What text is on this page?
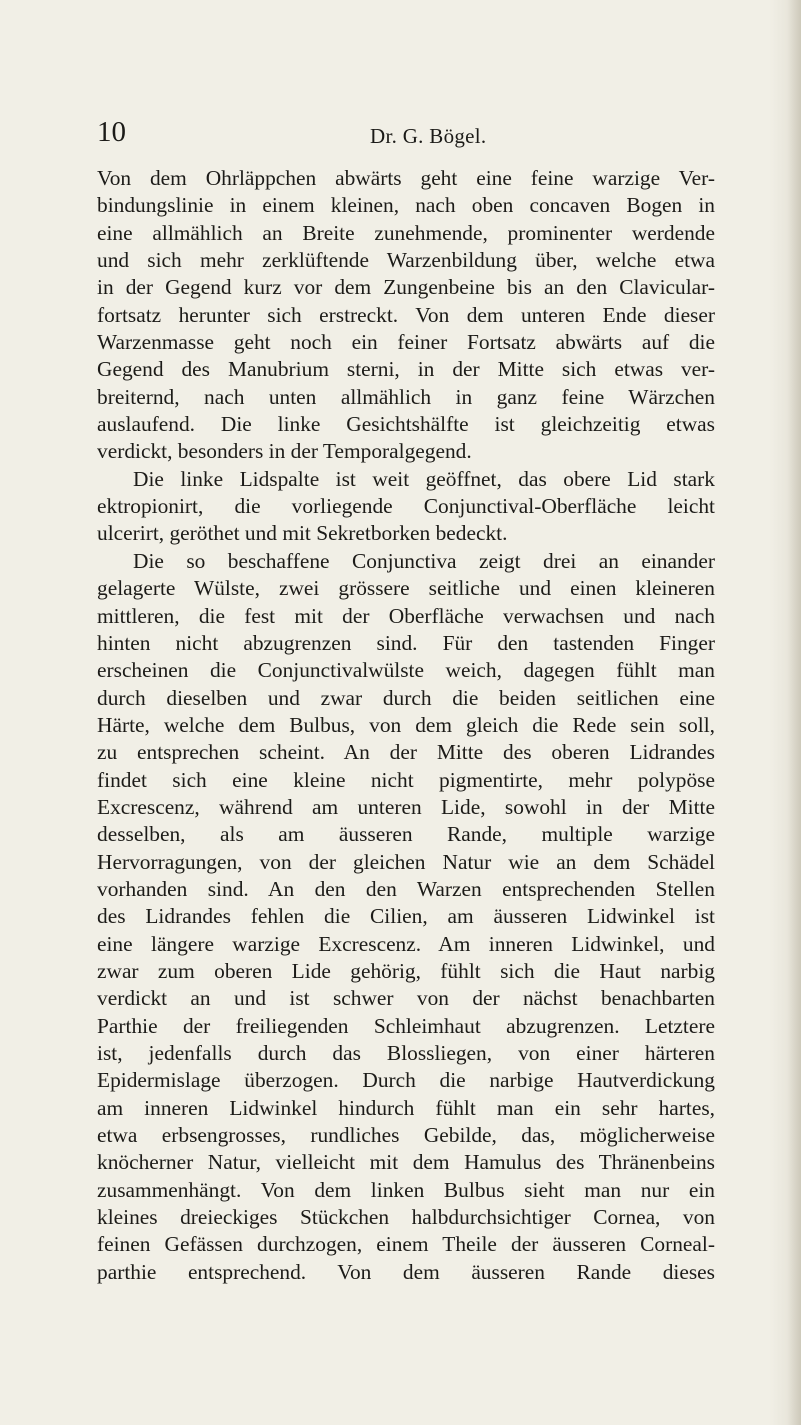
10	Dr. G. Bögel.
Von dem Ohrläppchen abwärts geht eine feine warzige Ver-
bindungslinie in einem kleinen, nach oben concaven Bogen in
eine allmählich an Breite zunehmende, prominenter werdende
und sich mehr zerklüftende Warzenbildung über, welche etwa
in der Gegend kurz vor dem Zungenbeine bis an den Clavicular-
fortsatz herunter sich erstreckt. Von dem unteren Ende dieser
Warzenmasse geht noch ein feiner Fortsatz abwärts auf die
Gegend des Manubrium sterni, in der Mitte sich etwas ver-
breiternd, nach unten allmählich in ganz feine Wärzchen
auslaufend. Die linke Gesichtshälfte ist gleichzeitig etwas
verdickt, besonders in der Temporalgegend.
Die linke Lidspalte ist weit geöffnet, das obere Lid stark
ektropionirt, die vorliegende Conjunctival-Oberfläche leicht
ulcerirt, geröthet und mit Sekretborken bedeckt.
Die so beschaffene Conjunctiva zeigt drei an einander
gelagerte Wülste, zwei grössere seitliche und einen kleineren
mittleren, die fest mit der Oberfläche verwachsen und nach
hinten nicht abzugrenzen sind. Für den tastenden Finger
erscheinen die Conjunctivalwülste weich, dagegen fühlt man
durch dieselben und zwar durch die beiden seitlichen eine
Härte, welche dem Bulbus, von dem gleich die Rede sein soll,
zu entsprechen scheint. An der Mitte des oberen Lidrandes
findet sich eine kleine nicht pigmentirte, mehr polypöse
Excrescenz, während am unteren Lide, sowohl in der Mitte
desselben, als am äusseren Rande, multiple warzige
Hervorragungen, von der gleichen Natur wie an dem Schädel
vorhanden sind. An den den Warzen entsprechenden Stellen
des Lidrandes fehlen die Cilien, am äusseren Lidwinkel ist
eine längere warzige Excrescenz. Am inneren Lidwinkel, und
zwar zum oberen Lide gehörig, fühlt sich die Haut narbig
verdickt an und ist schwer von der nächst benachbarten
Parthie der freiliegenden Schleimhaut abzugrenzen. Letztere
ist, jedenfalls durch das Blossliegen, von einer härteren
Epidermislage überzogen. Durch die narbige Hautverdickung
am inneren Lidwinkel hindurch fühlt man ein sehr hartes,
etwa erbsengrosses, rundliches Gebilde, das, möglicherweise
knöcherner Natur, vielleicht mit dem Hamulus des Thränenbeins
zusammenhängt. Von dem linken Bulbus sieht man nur ein
kleines dreieckiges Stückchen halbdurchsichtiger Cornea, von
feinen Gefässen durchzogen, einem Theile der äusseren Corneal-
parthie entsprechend. Von dem äusseren Rande dieses
